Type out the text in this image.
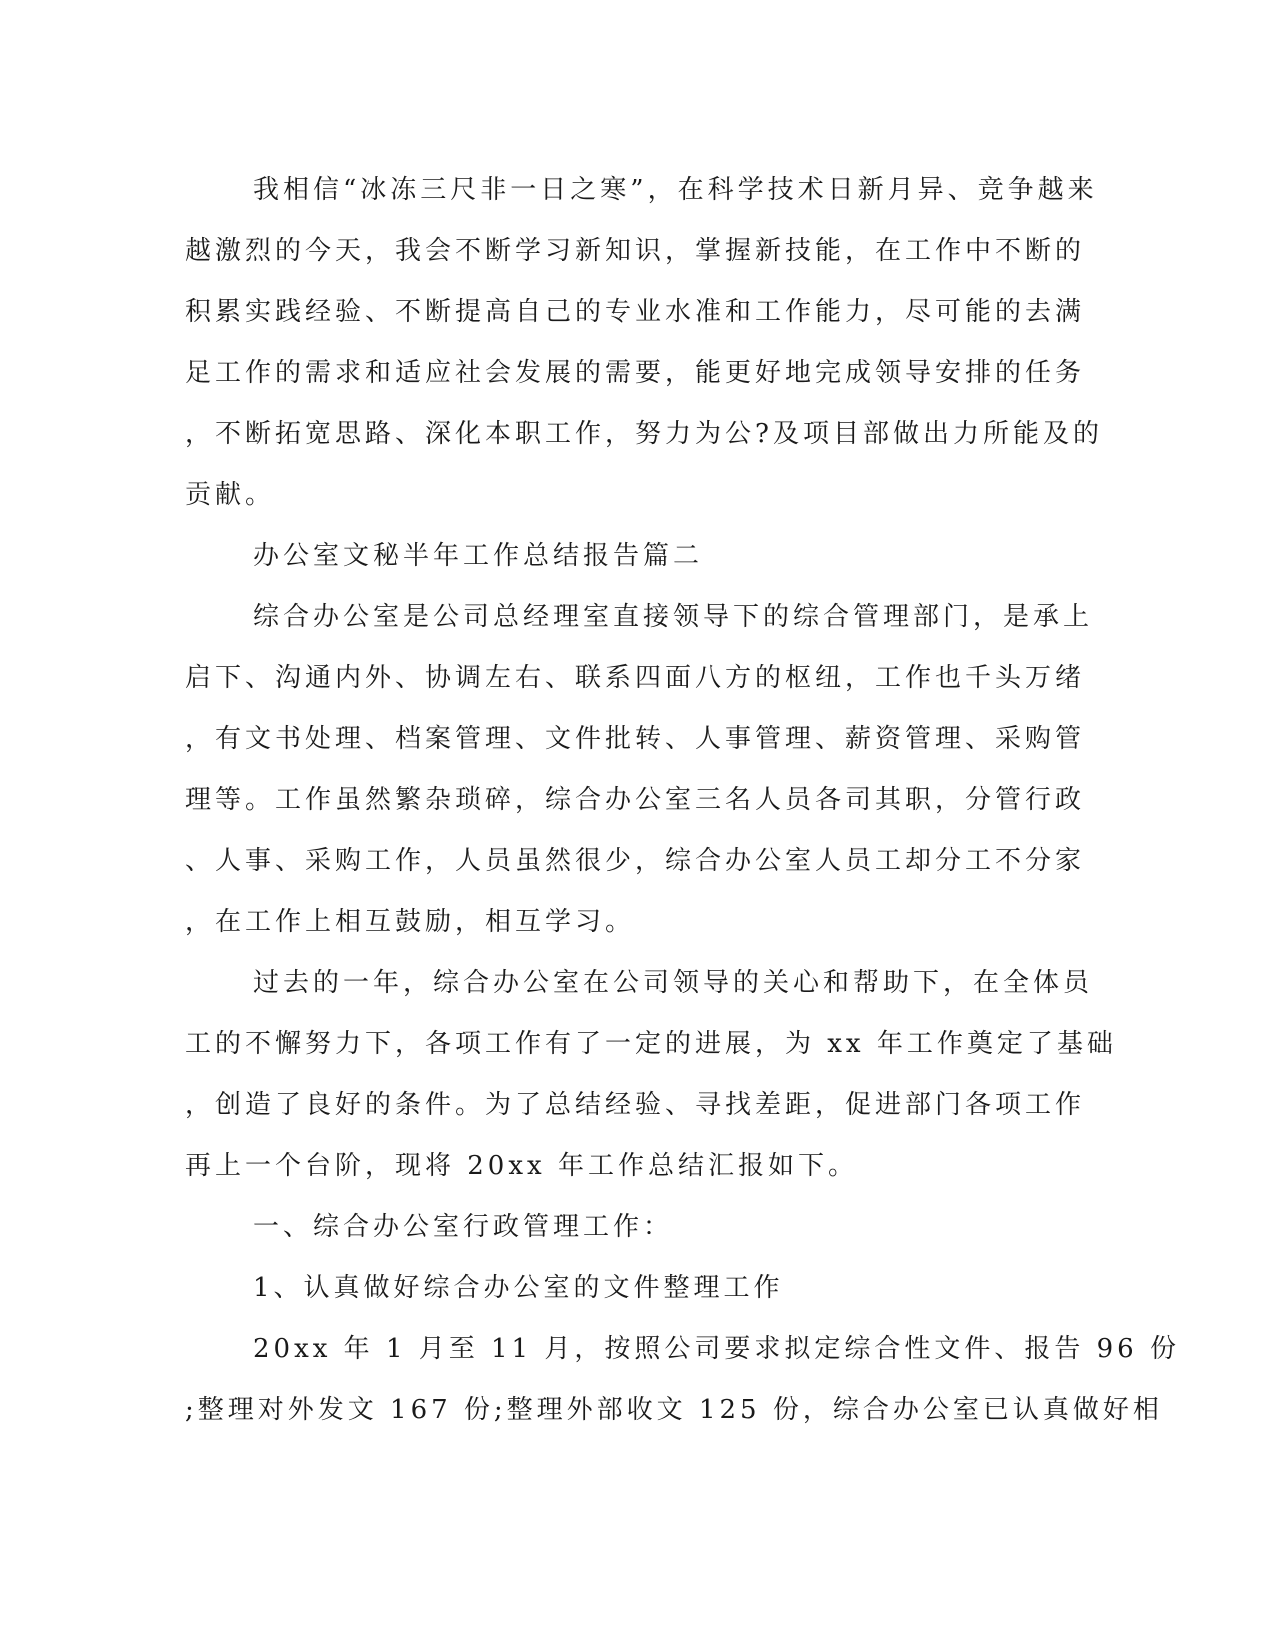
我相信“冰冻三尺非一日之寒”，在科学技术日新月异、竞争越来
越激烈的今天，我会不断学习新知识，掌握新技能，在工作中不断的
积累实践经验、不断提高自己的专业水准和工作能力，尽可能的去满
足工作的需求和适应社会发展的需要，能更好地完成领导安排的任务
，不断拓宽思路、深化本职工作，努力为公?及项目部做出力所能及的
贡献。
办公室文秘半年工作总结报告篇二
综合办公室是公司总经理室直接领导下的综合管理部门，是承上
启下、沟通内外、协调左右、联系四面八方的枢纽，工作也千头万绪
，有文书处理、档案管理、文件批转、人事管理、薪资管理、采购管
理等。工作虽然繁杂琐碎，综合办公室三名人员各司其职，分管行政
、人事、采购工作，人员虽然很少，综合办公室人员工却分工不分家
，在工作上相互鼓励，相互学习。
过去的一年，综合办公室在公司领导的关心和帮助下，在全体员
工的不懈努力下，各项工作有了一定的进展，为 xx 年工作奠定了基础
，创造了良好的条件。为了总结经验、寻找差距，促进部门各项工作
再上一个台阶，现将 20xx 年工作总结汇报如下。
一、综合办公室行政管理工作：
1、认真做好综合办公室的文件整理工作
20xx 年 1 月至 11 月，按照公司要求拟定综合性文件、报告 96 份
;整理对外发文 167 份;整理外部收文 125 份，综合办公室已认真做好相
